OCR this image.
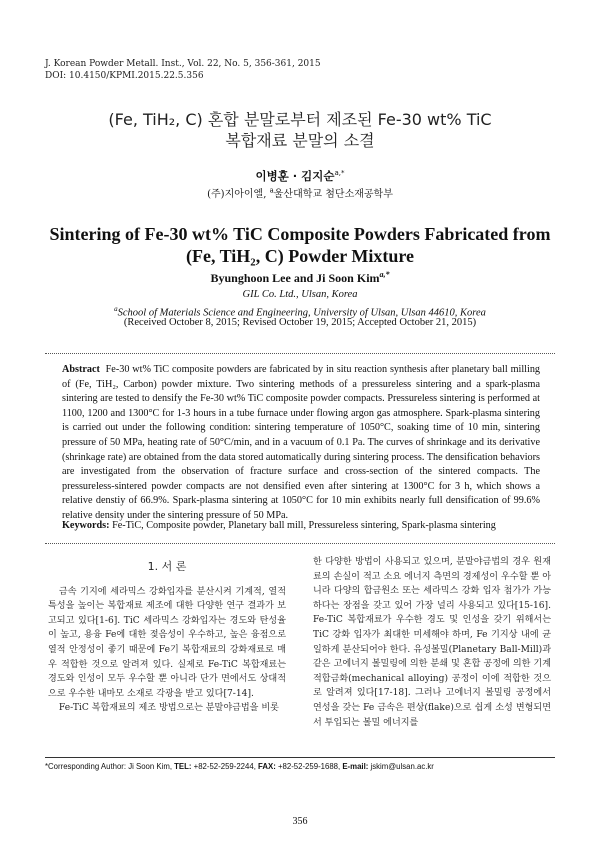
J. Korean Powder Metall. Inst., Vol. 22, No. 5, 356-361, 2015
DOI: 10.4150/KPMI.2015.22.5.356
(Fe, TiH₂, C) 혼합 분말로부터 제조된 Fe-30 wt% TiC
복합재료 분말의 소결
이병훈 · 김지순$^{a,*}$
(주)지아이엘, $^a$울산대학교 첨단소재공학부
Sintering of Fe-30 wt% TiC Composite Powders Fabricated from
(Fe, TiH₂, C) Powder Mixture
Byunghoon Lee and Ji Soon Kim$^{a,*}$
GIL Co. Ltd., Ulsan, Korea
$^a$School of Materials Science and Engineering, University of Ulsan, Ulsan 44610, Korea
(Received October 8, 2015; Revised October 19, 2015; Accepted October 21, 2015)
Abstract Fe-30 wt% TiC composite powders are fabricated by in situ reaction synthesis after planetary ball milling of (Fe, TiH₂, Carbon) powder mixture. Two sintering methods of a pressureless sintering and a spark-plasma sintering are tested to densify the Fe-30 wt% TiC composite powder compacts. Pressureless sintering is performed at 1100, 1200 and 1300°C for 1-3 hours in a tube furnace under flowing argon gas atmosphere. Spark-plasma sintering is carried out under the following condition: sintering temperature of 1050°C, soaking time of 10 min, sintering pressure of 50 MPa, heating rate of 50°C/min, and in a vacuum of 0.1 Pa. The curves of shrinkage and its derivative (shrinkage rate) are obtained from the data stored automatically during sintering process. The densification behaviors are investigated from the observation of fracture surface and cross-section of the sintered compacts. The pressureless-sintered powder compacts are not densified even after sintering at 1300°C for 3 h, which shows a relative denstiy of 66.9%. Spark-plasma sintering at 1050°C for 10 min exhibits nearly full densification of 99.6% relative density under the sintering pressure of 50 MPa.
Keywords: Fe-TiC, Composite powder, Planetary ball mill, Pressureless sintering, Spark-plasma sintering
1. 서 론

금속 기지에 세라믹스 강화입자를 분산시켜 기계적, 열적 특성을 높이는 복합재료 제조에 대한 다양한 연구 결과가 보고되고 있다[1-6]. TiC 세라믹스 강화입자는 경도와 탄성율이 높고, 용융 Fe에 대한 젖음성이 우수하고, 높은 융점으로 열적 안정성이 좋기 때문에 Fe기 복합재료의 강화재료로 매우 적합한 것으로 알려져 있다. 실제로 Fe-TiC 복합재료는 경도와 인성이 모두 우수할 뿐 아니라 단가 면에서도 상대적으로 우수한 내마모 소재로 각광을 받고 있다[7-14].

Fe-TiC 복합재료의 제조 방법으로는 분말야금법을 비롯

한 다양한 방법이 사용되고 있으며, 분말야금법의 경우 원재료의 손실이 적고 소요 에너지 측면의 경제성이 우수할 뿐 아니라 다양의 합금원소 또는 세라믹스 강화 입자 첨가가 가능하다는 장점을 갖고 있어 가장 널리 사용되고 있다[15-16]. Fe-TiC 복합재료가 우수한 경도 및 인성을 갖기 위해서는 TiC 강화 입자가 최대한 미세해야 하며, Fe 기지상 내에 균일하게 분산되어야 한다. 유성볼밀(Planetary Ball-Mill)과 같은 고에너지 볼밀링에 의한 분쇄 및 혼합 공정에 의한 기계적합금화(mechanical alloying) 공정이 이에 적합한 것으로 알려져 있다[17-18]. 그러나 고에너지 볼밀링 공정에서 연성을 갖는 Fe 금속은 편상(flake)으로 쉽게 소성 변형되면서 투입되는 볼밀 에너지를

*Corresponding Author: Ji Soon Kim, TEL: +82-52-259-2244, FAX: +82-52-259-1688, E-mail: jskim@ulsan.ac.kr
356
